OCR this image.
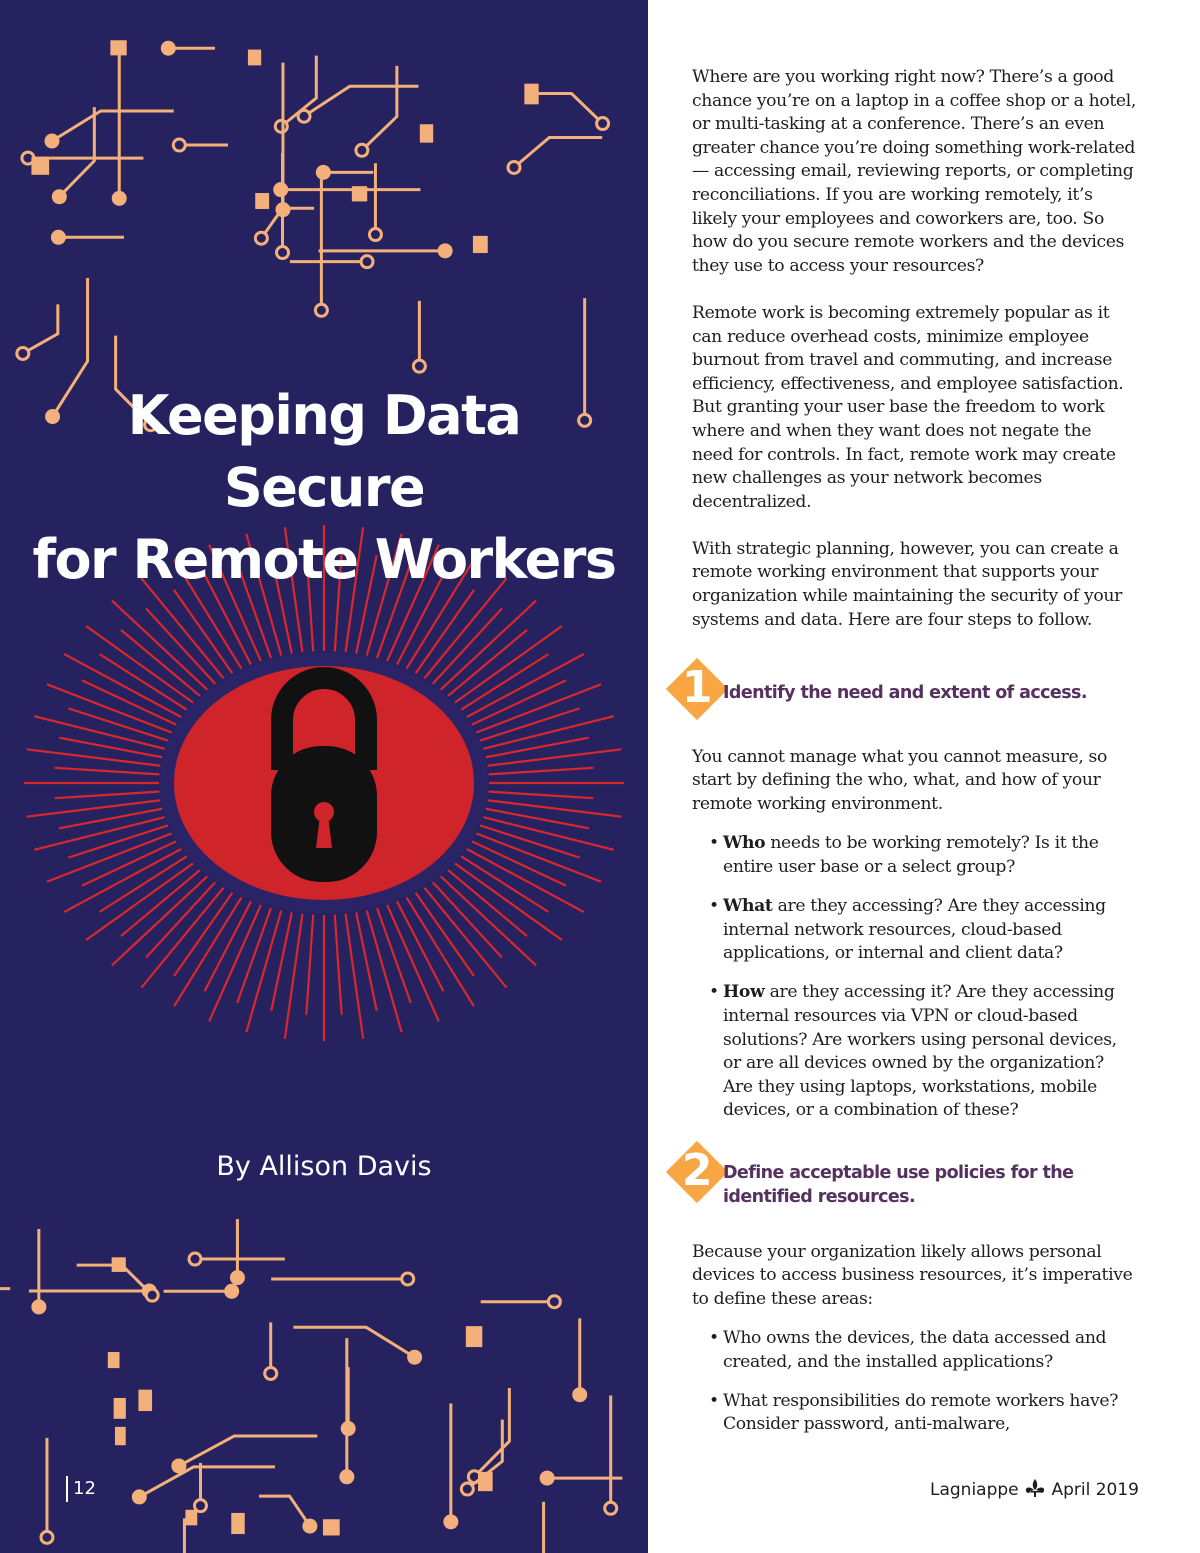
Keeping Data Secure
for Remote Workers
By Allison Davis
12

Where are you working right now? There’s a good chance you’re on a laptop in a coffee shop or a hotel, or multi-tasking at a conference. There’s an even greater chance you’re doing something work-related — accessing email, reviewing reports, or completing reconciliations. If you are working remotely, it’s likely your employees and coworkers are, too. So how do you secure remote workers and the devices they use to access your resources?

Remote work is becoming extremely popular as it can reduce overhead costs, minimize employee burnout from travel and commuting, and increase efficiency, effectiveness, and employee satisfaction. But granting your user base the freedom to work where and when they want does not negate the need for controls. In fact, remote work may create new challenges as your network becomes decentralized.

With strategic planning, however, you can create a remote working environment that supports your organization while maintaining the security of your systems and data. Here are four steps to follow.

1 Identify the need and extent of access.

You cannot manage what you cannot measure, so start by defining the who, what, and how of your remote working environment.

• Who needs to be working remotely? Is it the entire user base or a select group?
• What are they accessing? Are they accessing internal network resources, cloud-based applications, or internal and client data?
• How are they accessing it? Are they accessing internal resources via VPN or cloud-based solutions? Are workers using personal devices, or are all devices owned by the organization? Are they using laptops, workstations, mobile devices, or a combination of these?
2 Define acceptable use policies for the identified resources.

Because your organization likely allows personal devices to access business resources, it’s imperative to define these areas:

• Who owns the devices, the data accessed and created, and the installed applications?
• What responsibilities do remote workers have? Consider password, anti-malware,
Lagniappe April 2019
